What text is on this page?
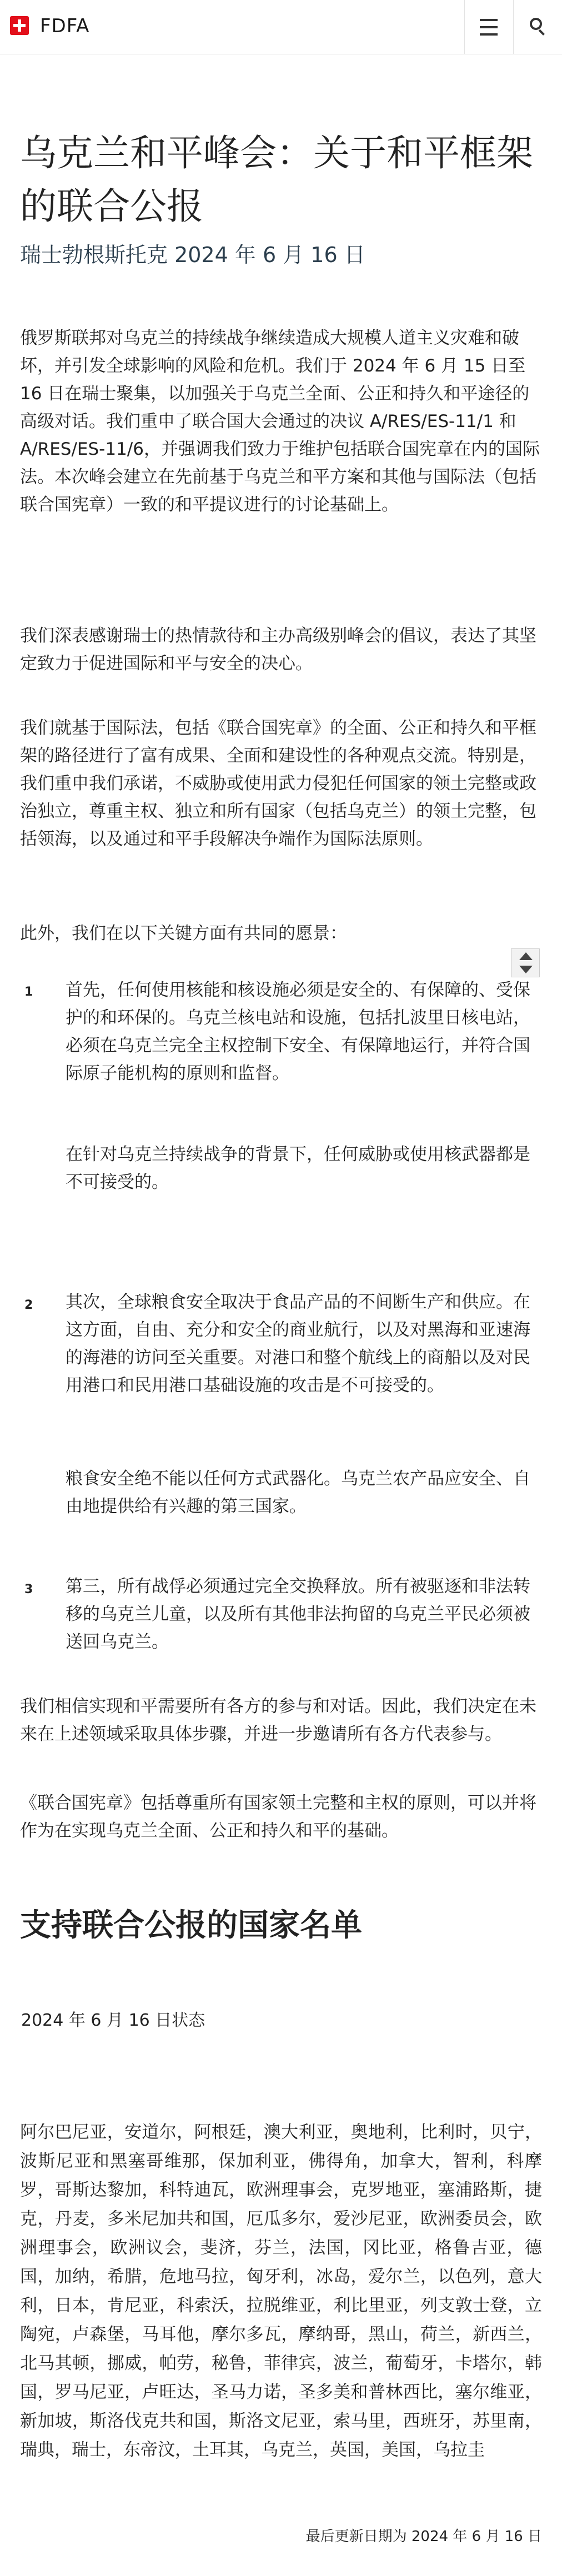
FDFA
乌克兰和平峰会：关于和平框架的联合公报
瑞士勃根斯托克 2024 年 6 月 16 日

俄罗斯联邦对乌克兰的持续战争继续造成大规模人道主义灾难和破坏，并引发全球影响的风险和危机。我们于 2024 年 6 月 15 日至 16 日在瑞士聚集，以加强关于乌克兰全面、公正和持久和平途径的高级对话。我们重申了联合国大会通过的决议 A/RES/ES-11/1 和 A/RES/ES-11/6，并强调我们致力于维护包括联合国宪章在内的国际法。本次峰会建立在先前基于乌克兰和平方案和其他与国际法（包括联合国宪章）一致的和平提议进行的讨论基础上。

我们深表感谢瑞士的热情款待和主办高级别峰会的倡议，表达了其坚定致力于促进国际和平与安全的决心。

我们就基于国际法，包括《联合国宪章》的全面、公正和持久和平框架的路径进行了富有成果、全面和建设性的各种观点交流。特别是，我们重申我们承诺，不威胁或使用武力侵犯任何国家的领土完整或政治独立，尊重主权、独立和所有国家（包括乌克兰）的领土完整，包括领海，以及通过和平手段解决争端作为国际法原则。

此外，我们在以下关键方面有共同的愿景：

1 首先，任何使用核能和核设施必须是安全的、有保障的、受保护的和环保的。乌克兰核电站和设施，包括扎波里日核电站，必须在乌克兰完全主权控制下安全、有保障地运行，并符合国际原子能机构的原则和监督。

在针对乌克兰持续战争的背景下，任何威胁或使用核武器都是不可接受的。

2 其次，全球粮食安全取决于食品产品的不间断生产和供应。在这方面，自由、充分和安全的商业航行，以及对黑海和亚速海的海港的访问至关重要。对港口和整个航线上的商船以及对民用港口和民用港口基础设施的攻击是不可接受的。

粮食安全绝不能以任何方式武器化。乌克兰农产品应安全、自由地提供给有兴趣的第三国家。

3 第三，所有战俘必须通过完全交换释放。所有被驱逐和非法转移的乌克兰儿童，以及所有其他非法拘留的乌克兰平民必须被送回乌克兰。

我们相信实现和平需要所有各方的参与和对话。因此，我们决定在未来在上述领域采取具体步骤，并进一步邀请所有各方代表参与。

《联合国宪章》包括尊重所有国家领土完整和主权的原则，可以并将作为在实现乌克兰全面、公正和持久和平的基础。

支持联合公报的国家名单
2024 年 6 月 16 日状态

阿尔巴尼亚，安道尔，阿根廷，澳大利亚，奥地利，比利时，贝宁，波斯尼亚和黑塞哥维那，保加利亚，佛得角，加拿大，智利，科摩罗，哥斯达黎加，科特迪瓦，欧洲理事会，克罗地亚，塞浦路斯，捷克，丹麦，多米尼加共和国，厄瓜多尔，爱沙尼亚，欧洲委员会，欧洲理事会，欧洲议会，斐济，芬兰，法国，冈比亚，格鲁吉亚，德国，加纳，希腊，危地马拉，匈牙利，冰岛，爱尔兰，以色列，意大利，日本，肯尼亚，科索沃，拉脱维亚，利比里亚，列支敦士登，立陶宛，卢森堡，马耳他，摩尔多瓦，摩纳哥，黑山，荷兰，新西兰，北马其顿，挪威，帕劳，秘鲁，菲律宾，波兰，葡萄牙，卡塔尔，韩国，罗马尼亚，卢旺达，圣马力诺，圣多美和普林西比，塞尔维亚，新加坡，斯洛伐克共和国，斯洛文尼亚，索马里，西班牙，苏里南，瑞典，瑞士，东帝汶，土耳其，乌克兰，英国，美国，乌拉圭

最后更新日期为 2024 年 6 月 16 日
